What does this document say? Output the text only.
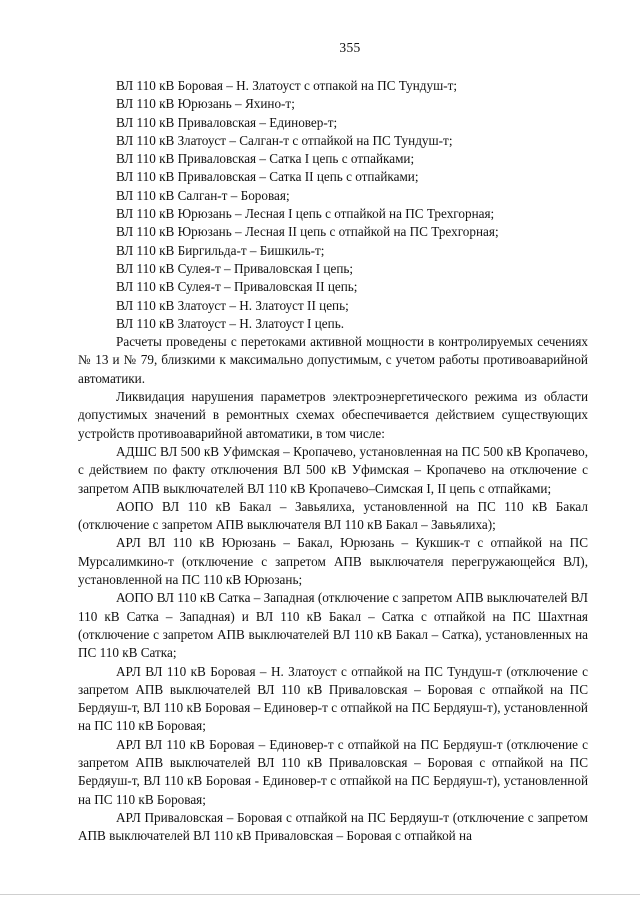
355

ВЛ 110 кВ Боровая – Н. Златоуст с отпакой на ПС Тундуш-т;

ВЛ 110 кВ Юрюзань – Яхино-т;

ВЛ 110 кВ Приваловская – Единовер-т;

ВЛ 110 кВ Златоуст – Салган-т с отпайкой на ПС Тундуш-т;

ВЛ 110 кВ Приваловская – Сатка I цепь с отпайками;

ВЛ 110 кВ Приваловская – Сатка II цепь с отпайками;

ВЛ 110 кВ Салган-т – Боровая;

ВЛ 110 кВ Юрюзань – Лесная I цепь с отпайкой на ПС Трехгорная;

ВЛ 110 кВ Юрюзань – Лесная II цепь с отпайкой на ПС Трехгорная;

ВЛ 110 кВ Биргильда-т – Бишкиль-т;

ВЛ 110 кВ Сулея-т – Приваловская I цепь;

ВЛ 110 кВ Сулея-т – Приваловская II цепь;

ВЛ 110 кВ Златоуст – Н. Златоуст II цепь;

ВЛ 110 кВ Златоуст – Н. Златоуст I цепь.

Расчеты проведены с перетоками активной мощности в контролируемых сечениях № 13 и № 79, близкими к максимально допустимым, с учетом работы противоаварийной автоматики.

Ликвидация нарушения параметров электроэнергетического режима из области допустимых значений в ремонтных схемах обеспечивается действием существующих устройств противоаварийной автоматики, в том числе:

АДШС ВЛ 500 кВ Уфимская – Кропачево, установленная на ПС 500 кВ Кропачево, с действием по факту отключения ВЛ 500 кВ Уфимская – Кропачево на отключение с запретом АПВ выключателей ВЛ 110 кВ Кропачево–Симская I, II цепь с отпайками;

АОПО ВЛ 110 кВ Бакал – Завьялиха, установленной на ПС 110 кВ Бакал (отключение с запретом АПВ выключателя ВЛ 110 кВ Бакал – Завьялиха);

АРЛ ВЛ 110 кВ Юрюзань – Бакал, Юрюзань – Кукшик-т с отпайкой на ПС Мурсалимкино-т (отключение с запретом АПВ выключателя перегружающейся ВЛ), установленной на ПС 110 кВ Юрюзань;

АОПО ВЛ 110 кВ Сатка – Западная (отключение с запретом АПВ выключателей ВЛ 110 кВ Сатка – Западная) и ВЛ 110 кВ Бакал – Сатка с отпайкой на ПС Шахтная (отключение с запретом АПВ выключателей ВЛ 110 кВ Бакал – Сатка), установленных на ПС 110 кВ Сатка;

АРЛ ВЛ 110 кВ Боровая – Н. Златоуст с отпайкой на ПС Тундуш-т (отключение с запретом АПВ выключателей ВЛ 110 кВ Приваловская – Боровая с отпайкой на ПС Бердяуш-т, ВЛ 110 кВ Боровая – Единовер-т с отпайкой на ПС Бердяуш-т), установленной на ПС 110 кВ Боровая;

АРЛ ВЛ 110 кВ Боровая – Единовер-т с отпайкой на ПС Бердяуш-т (отключение с запретом АПВ выключателей ВЛ 110 кВ Приваловская – Боровая с отпайкой на ПС Бердяуш-т, ВЛ 110 кВ Боровая - Единовер-т с отпайкой на ПС Бердяуш-т), установленной на ПС 110 кВ Боровая;

АРЛ Приваловская – Боровая с отпайкой на ПС Бердяуш-т (отключение с запретом АПВ выключателей ВЛ 110 кВ Приваловская – Боровая с отпайкой на
